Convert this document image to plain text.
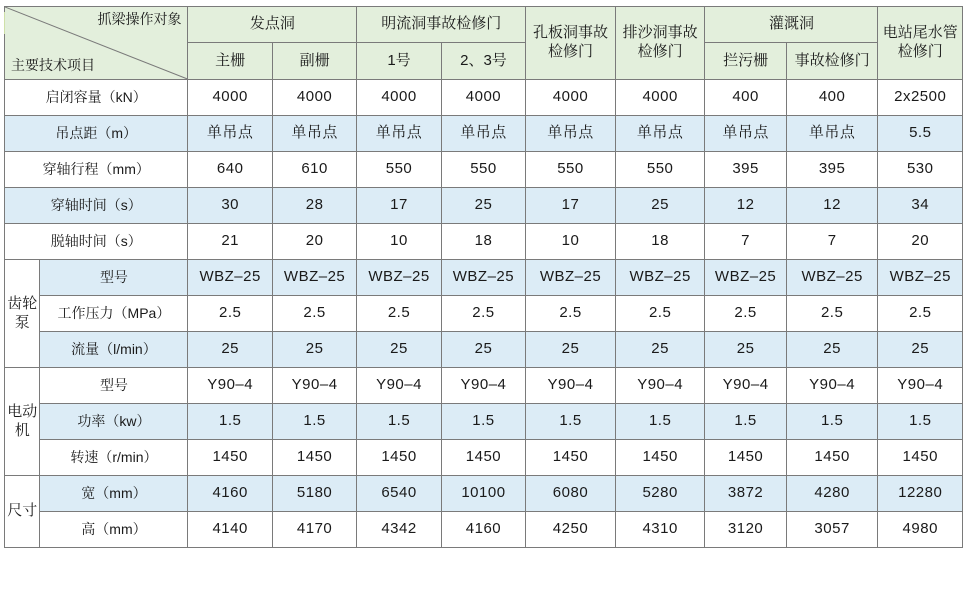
抓梁操作对象
主要技术项目		发点洞		明流洞事故检修门		孔板洞事故检修门	排沙洞事故检修门	灌溉洞		电站尾水管检修门
		主栅	副栅	1号	2、3号			拦污栅	事故检修门	
启闭容量（kN）		4000	4000	4000	4000	4000	4000	400	400	2x2500
吊点距（m）		单吊点	单吊点	单吊点	单吊点	单吊点	单吊点	单吊点	单吊点	5.5
穿轴行程（mm）		640	610	550	550	550	550	395	395	530
穿轴时间（s）		30	28	17	25	17	25	12	12	34
脱轴时间（s）		21	20	10	18	10	18	7	7	20
齿轮泵	型号	WBZ–25	WBZ–25	WBZ–25	WBZ–25	WBZ–25	WBZ–25	WBZ–25	WBZ–25	WBZ–25
	工作压力（MPa）	2.5	2.5	2.5	2.5	2.5	2.5	2.5	2.5	2.5
	流量（l/min）	25	25	25	25	25	25	25	25	25
电动机	型号	Y90–4	Y90–4	Y90–4	Y90–4	Y90–4	Y90–4	Y90–4	Y90–4	Y90–4
	功率（kw）	1.5	1.5	1.5	1.5	1.5	1.5	1.5	1.5	1.5
	转速（r/min）	1450	1450	1450	1450	1450	1450	1450	1450	1450
尺寸	宽（mm）	4160	5180	6540	10100	6080	5280	3872	4280	12280
	高（mm）	4140	4170	4342	4160	4250	4310	3120	3057	4980
